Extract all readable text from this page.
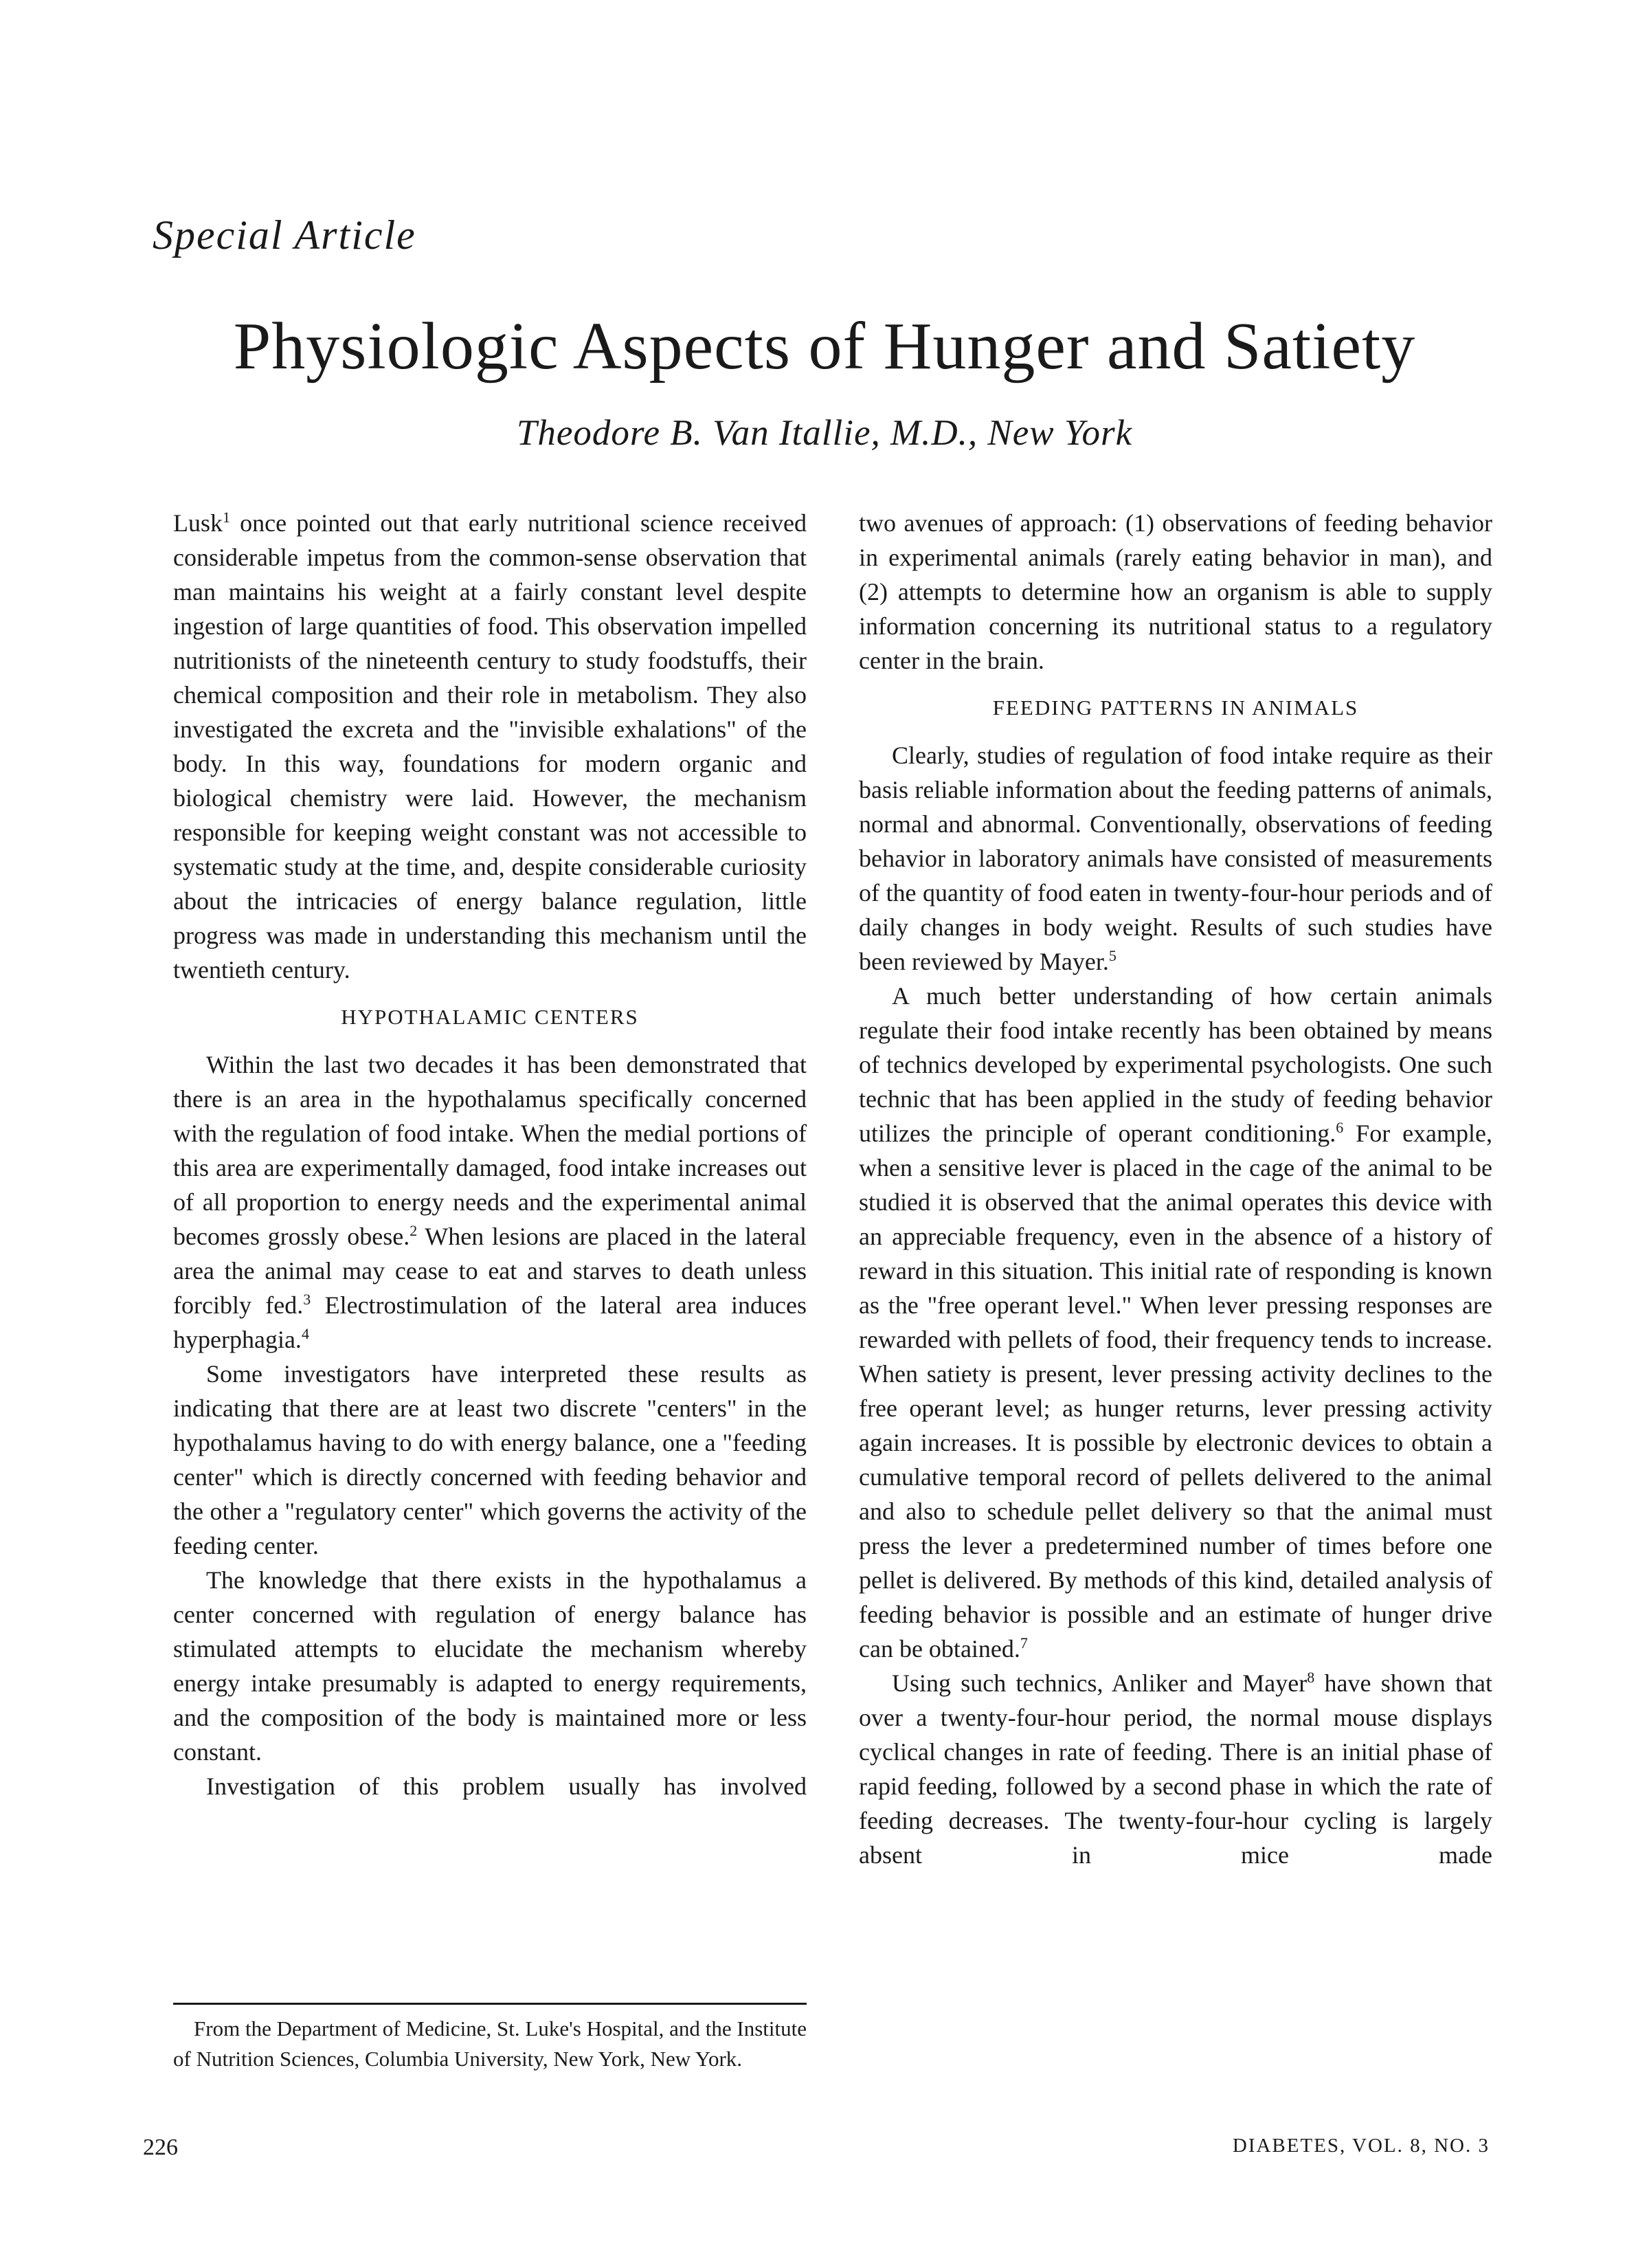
Special Article
Physiologic Aspects of Hunger and Satiety
Theodore B. Van Itallie, M.D., New York

Lusk$^1$ once pointed out that early nutritional science received considerable impetus from the common-sense observation that man maintains his weight at a fairly constant level despite ingestion of large quantities of food. This observation impelled nutritionists of the nineteenth century to study foodstuffs, their chemical composition and their role in metabolism. They also investigated the excreta and the "invisible exhalations" of the body. In this way, foundations for modern organic and biological chemistry were laid. However, the mechanism responsible for keeping weight constant was not accessible to systematic study at the time, and, despite considerable curiosity about the intricacies of energy balance regulation, little progress was made in understanding this mechanism until the twentieth century.

HYPOTHALAMIC CENTERS

Within the last two decades it has been demonstrated that there is an area in the hypothalamus specifically concerned with the regulation of food intake. When the medial portions of this area are experimentally damaged, food intake increases out of all proportion to energy needs and the experimental animal becomes grossly obese.$^2$ When lesions are placed in the lateral area the animal may cease to eat and starves to death unless forcibly fed.$^3$ Electrostimulation of the lateral area induces hyperphagia.$^4$

Some investigators have interpreted these results as indicating that there are at least two discrete "centers" in the hypothalamus having to do with energy balance, one a "feeding center" which is directly concerned with feeding behavior and the other a "regulatory center" which governs the activity of the feeding center.

The knowledge that there exists in the hypothalamus a center concerned with regulation of energy balance has stimulated attempts to elucidate the mechanism whereby energy intake presumably is adapted to energy requirements, and the composition of the body is maintained more or less constant.

Investigation of this problem usually has involved

From the Department of Medicine, St. Luke's Hospital, and the Institute of Nutrition Sciences, Columbia University, New York, New York.

two avenues of approach: (1) observations of feeding behavior in experimental animals (rarely eating behavior in man), and (2) attempts to determine how an organism is able to supply information concerning its nutritional status to a regulatory center in the brain.

FEEDING PATTERNS IN ANIMALS

Clearly, studies of regulation of food intake require as their basis reliable information about the feeding patterns of animals, normal and abnormal. Conventionally, observations of feeding behavior in laboratory animals have consisted of measurements of the quantity of food eaten in twenty-four-hour periods and of daily changes in body weight. Results of such studies have been reviewed by Mayer.$^5$

A much better understanding of how certain animals regulate their food intake recently has been obtained by means of technics developed by experimental psychologists. One such technic that has been applied in the study of feeding behavior utilizes the principle of operant conditioning.$^6$ For example, when a sensitive lever is placed in the cage of the animal to be studied it is observed that the animal operates this device with an appreciable frequency, even in the absence of a history of reward in this situation. This initial rate of responding is known as the "free operant level." When lever pressing responses are rewarded with pellets of food, their frequency tends to increase. When satiety is present, lever pressing activity declines to the free operant level; as hunger returns, lever pressing activity again increases. It is possible by electronic devices to obtain a cumulative temporal record of pellets delivered to the animal and also to schedule pellet delivery so that the animal must press the lever a predetermined number of times before one pellet is delivered. By methods of this kind, detailed analysis of feeding behavior is possible and an estimate of hunger drive can be obtained.$^7$

Using such technics, Anliker and Mayer$^8$ have shown that over a twenty-four-hour period, the normal mouse displays cyclical changes in rate of feeding. There is an initial phase of rapid feeding, followed by a second phase in which the rate of feeding decreases. The twenty-four-hour cycling is largely absent in mice made

226	DIABETES, VOL. 8, NO. 3
